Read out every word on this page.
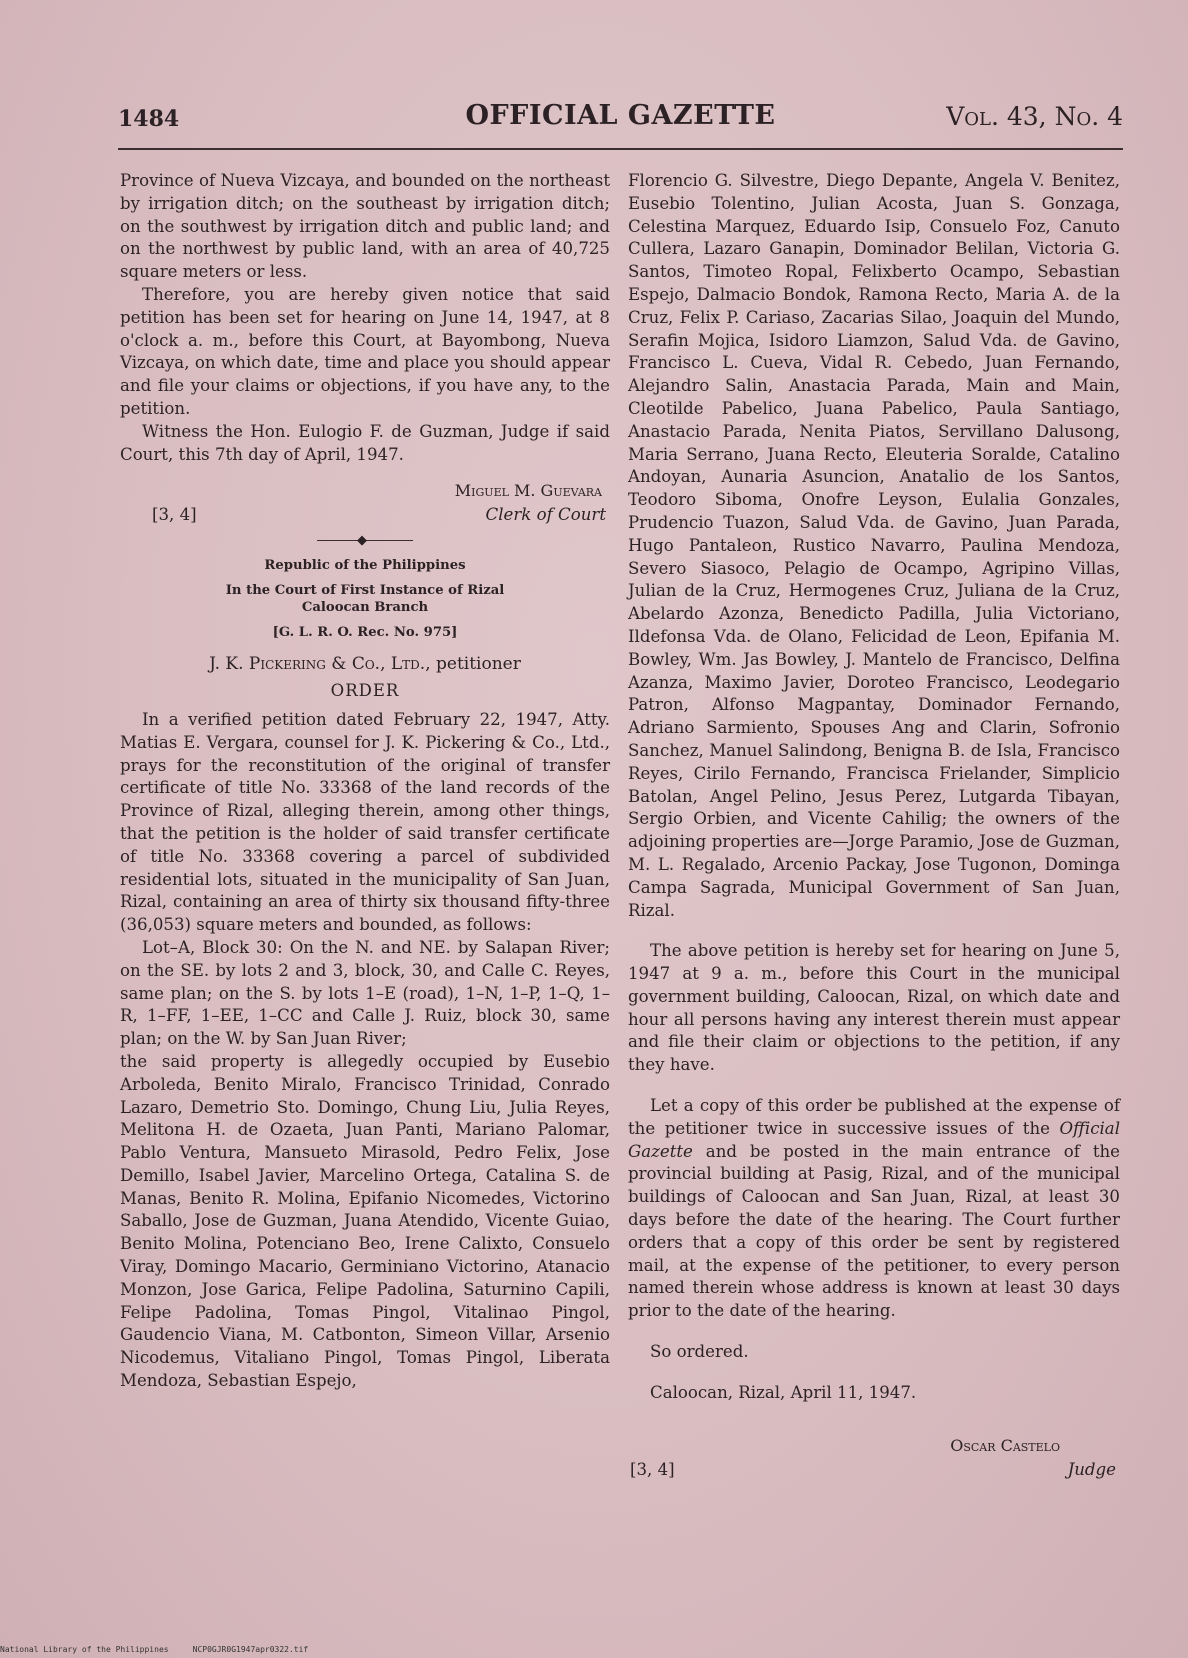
1484	OFFICIAL GAZETTE	Vol. 43, No. 4

Province of Nueva Vizcaya, and bounded on the northeast by irrigation ditch; on the southeast by irrigation ditch; on the southwest by irrigation ditch and public land; and on the northwest by public land, with an area of 40,725 square meters or less.

Therefore, you are hereby given notice that said petition has been set for hearing on June 14, 1947, at 8 o'clock a. m., before this Court, at Bayombong, Nueva Vizcaya, on which date, time and place you should appear and file your claims or objections, if you have any, to the petition.

Witness the Hon. Eulogio F. de Guzman, Judge if said Court, this 7th day of April, 1947.

Miguel M. Guevara
[3, 4]	Clerk of Court
◆
Republic of the Philippines
In the Court of First Instance of Rizal
Caloocan Branch
[G. L. R. O. Rec. No. 975]
J. K. Pickering & Co., Ltd., petitioner
ORDER

In a verified petition dated February 22, 1947, Atty. Matias E. Vergara, counsel for J. K. Pickering & Co., Ltd., prays for the reconstitution of the original of transfer certificate of title No. 33368 of the land records of the Province of Rizal, alleging therein, among other things, that the petition is the holder of said transfer certificate of title No. 33368 covering a parcel of subdivided residential lots, situated in the municipality of San Juan, Rizal, containing an area of thirty six thousand fifty-three (36,053) square meters and bounded, as follows:

Lot–A, Block 30: On the N. and NE. by Salapan River; on the SE. by lots 2 and 3, block, 30, and Calle C. Reyes, same plan; on the S. by lots 1–E (road), 1–N, 1–P, 1–Q, 1–R, 1–FF, 1–EE, 1–CC and Calle J. Ruiz, block 30, same plan; on the W. by San Juan River;

the said property is allegedly occupied by Eusebio Arboleda, Benito Miralo, Francisco Trinidad, Conrado Lazaro, Demetrio Sto. Domingo, Chung Liu, Julia Reyes, Melitona H. de Ozaeta, Juan Panti, Mariano Palomar, Pablo Ventura, Mansueto Mirasold, Pedro Felix, Jose Demillo, Isabel Javier, Marcelino Ortega, Catalina S. de Manas, Benito R. Molina, Epifanio Nicomedes, Victorino Saballo, Jose de Guzman, Juana Atendido, Vicente Guiao, Benito Molina, Potenciano Beo, Irene Calixto, Consuelo Viray, Domingo Macario, Germiniano Victorino, Atanacio Monzon, Jose Garica, Felipe Padolina, Saturnino Capili, Felipe Padolina, Tomas Pingol, Vitalinao Pingol, Gaudencio Viana, M. Catbonton, Simeon Villar, Arsenio Nicodemus, Vitaliano Pingol, Tomas Pingol, Liberata Mendoza, Sebastian Espejo,

Florencio G. Silvestre, Diego Depante, Angela V. Benitez, Eusebio Tolentino, Julian Acosta, Juan S. Gonzaga, Celestina Marquez, Eduardo Isip, Consuelo Foz, Canuto Cullera, Lazaro Ganapin, Dominador Belilan, Victoria G. Santos, Timoteo Ropal, Felixberto Ocampo, Sebastian Espejo, Dalmacio Bondok, Ramona Recto, Maria A. de la Cruz, Felix P. Cariaso, Zacarias Silao, Joaquin del Mundo, Serafin Mojica, Isidoro Liamzon, Salud Vda. de Gavino, Francisco L. Cueva, Vidal R. Cebedo, Juan Fernando, Alejandro Salin, Anastacia Parada, Main and Main, Cleotilde Pabelico, Juana Pabelico, Paula Santiago, Anastacio Parada, Nenita Piatos, Servillano Dalusong, Maria Serrano, Juana Recto, Eleuteria Soralde, Catalino Andoyan, Aunaria Asuncion, Anatalio de los Santos, Teodoro Siboma, Onofre Leyson, Eulalia Gonzales, Prudencio Tuazon, Salud Vda. de Gavino, Juan Parada, Hugo Pantaleon, Rustico Navarro, Paulina Mendoza, Severo Siasoco, Pelagio de Ocampo, Agripino Villas, Julian de la Cruz, Hermogenes Cruz, Juliana de la Cruz, Abelardo Azonza, Benedicto Padilla, Julia Victoriano, Ildefonsa Vda. de Olano, Felicidad de Leon, Epifania M. Bowley, Wm. Jas Bowley, J. Mantelo de Francisco, Delfina Azanza, Maximo Javier, Doroteo Francisco, Leodegario Patron, Alfonso Magpantay, Dominador Fernando, Adriano Sarmiento, Spouses Ang and Clarin, Sofronio Sanchez, Manuel Salindong, Benigna B. de Isla, Francisco Reyes, Cirilo Fernando, Francisca Frielander, Simplicio Batolan, Angel Pelino, Jesus Perez, Lutgarda Tibayan, Sergio Orbien, and Vicente Cahilig; the owners of the adjoining properties are—Jorge Paramio, Jose de Guzman, M. L. Regalado, Arcenio Packay, Jose Tugonon, Dominga Campa Sagrada, Municipal Government of San Juan, Rizal.

The above petition is hereby set for hearing on June 5, 1947 at 9 a. m., before this Court in the municipal government building, Caloocan, Rizal, on which date and hour all persons having any interest therein must appear and file their claim or objections to the petition, if any they have.

Let a copy of this order be published at the expense of the petitioner twice in successive issues of the Official Gazette and be posted in the main entrance of the provincial building at Pasig, Rizal, and of the municipal buildings of Caloocan and San Juan, Rizal, at least 30 days before the date of the hearing. The Court further orders that a copy of this order be sent by registered mail, at the expense of the petitioner, to every person named therein whose address is known at least 30 days prior to the date of the hearing.

So ordered.

Caloocan, Rizal, April 11, 1947.

Oscar Castelo
[3, 4]	Judge
National Library of the Philippines     NCP0GJR0G1947apr0322.tif
